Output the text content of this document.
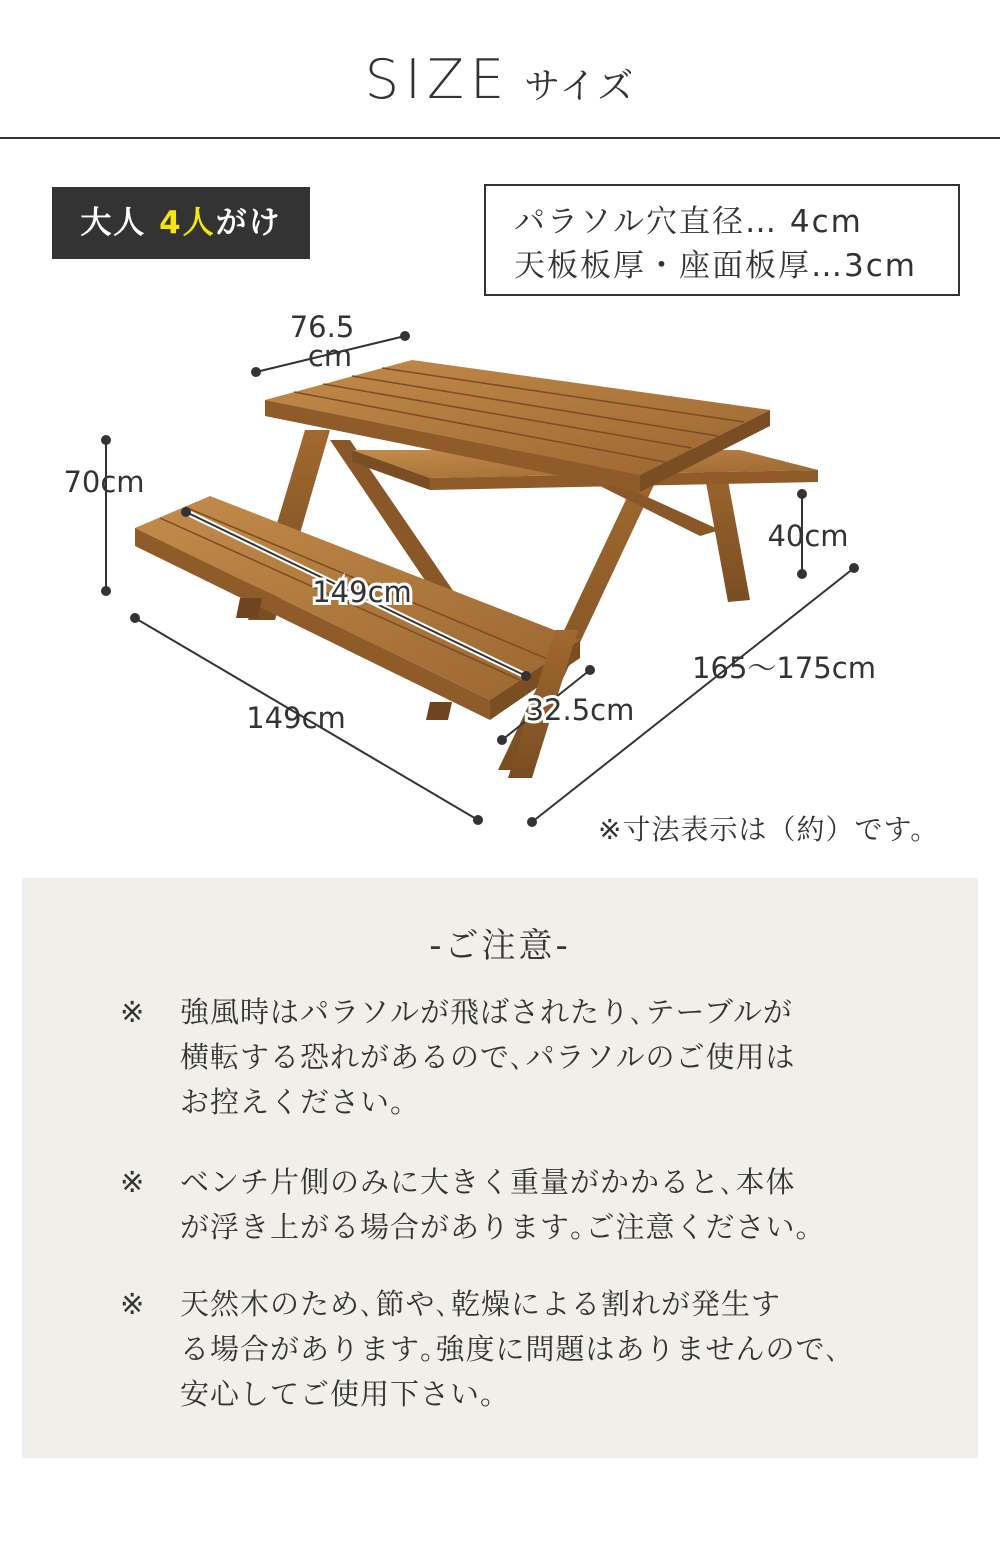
SIZE サイズ
大人 4人がけ	パラソル穴直径… 4cm
天板板厚・座面板厚…3cm
76.5
cm
70cm
40cm
149cm
149cm	32.5cm
165〜175cm
※寸法表示は（約）です。
-ご注意-
※ 強風時はパラソルが飛ばされたり､テーブルが
横転する恐れがあるので､パラソルのご使用は
お控えください。
※ ベンチ片側のみに大きく重量がかかると､本体
が浮き上がる場合があります｡ご注意ください。
※ 天然木のため､節や､乾燥による割れが発生す
る場合があります｡強度に問題はありませんので､
安心してご使用下さい。
